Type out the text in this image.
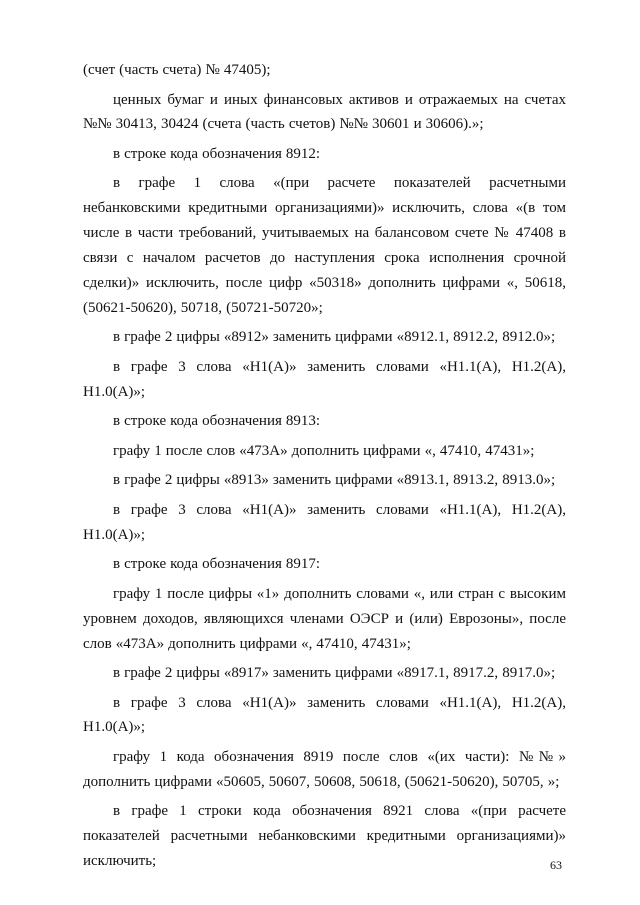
(счет (часть счета) № 47405);

ценных бумаг и иных финансовых активов и отражаемых на счетах №№ 30413, 30424 (счета (часть счетов) №№ 30601 и 30606).»;

в строке кода обозначения 8912:

в графе 1 слова «(при расчете показателей расчетными небанковскими кредитными организациями)» исключить, слова «(в том числе в части требований, учитываемых на балансовом счете № 47408 в связи с началом расчетов до наступления срока исполнения срочной сделки)» исключить, после цифр «50318» дополнить цифрами «, 50618, (50621-50620), 50718, (50721-50720»;

в графе 2 цифры «8912» заменить цифрами «8912.1, 8912.2, 8912.0»;

в графе 3 слова «Н1(А)» заменить словами «Н1.1(А), Н1.2(А), Н1.0(А)»;

в строке кода обозначения 8913:

графу 1 после слов «473А» дополнить цифрами «, 47410, 47431»;

в графе 2 цифры «8913» заменить цифрами «8913.1, 8913.2, 8913.0»;

в графе 3 слова «Н1(А)» заменить словами «Н1.1(А), Н1.2(А), Н1.0(А)»;

в строке кода обозначения 8917:

графу 1 после цифры «1» дополнить словами «, или стран с высоким уровнем доходов, являющихся членами ОЭСР и (или) Еврозоны», после слов «473А» дополнить цифрами «, 47410, 47431»;

в графе 2 цифры «8917» заменить цифрами «8917.1, 8917.2, 8917.0»;

в графе 3 слова «Н1(А)» заменить словами «Н1.1(А), Н1.2(А), Н1.0(А)»;

графу 1 кода обозначения 8919 после слов «(их части): №№» дополнить цифрами «50605, 50607, 50608, 50618, (50621-50620), 50705, »;

в графе 1 строки кода обозначения 8921 слова «(при расчете показателей расчетными небанковскими кредитными организациями)» исключить;	63
